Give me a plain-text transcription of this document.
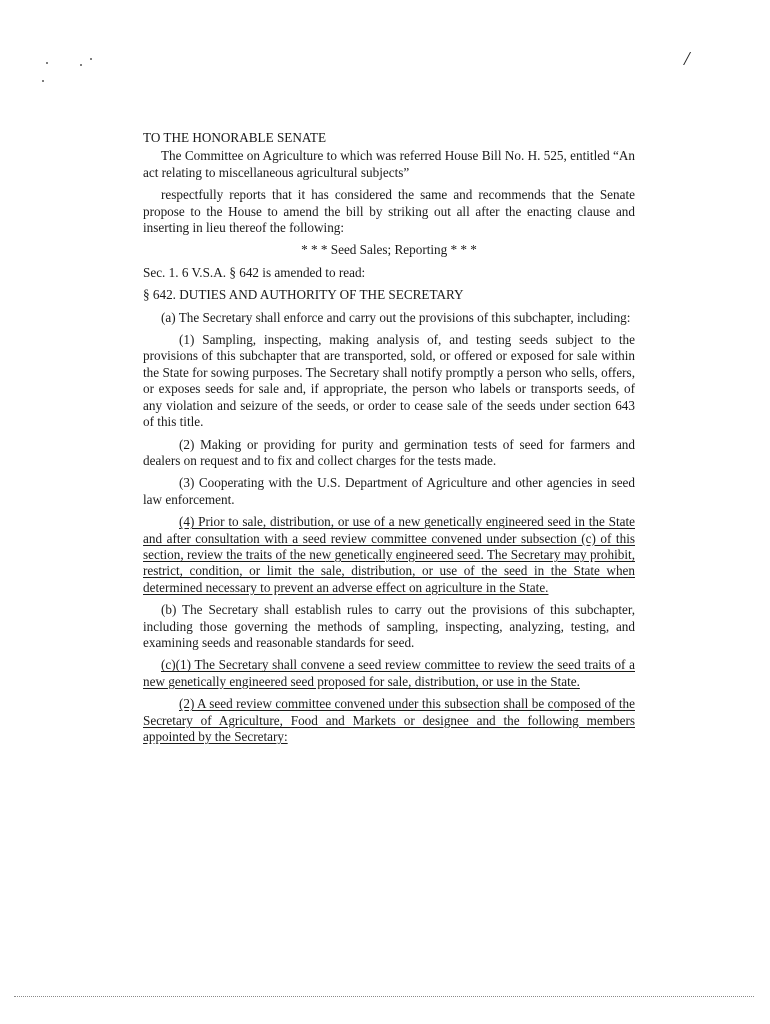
/

TO THE HONORABLE SENATE

The Committee on Agriculture to which was referred House Bill No. H. 525, entitled “An act relating to miscellaneous agricultural subjects”

respectfully reports that it has considered the same and recommends that the Senate propose to the House to amend the bill by striking out all after the enacting clause and inserting in lieu thereof the following:

* * * Seed Sales; Reporting * * *

Sec. 1. 6 V.S.A. § 642 is amended to read:

§ 642. DUTIES AND AUTHORITY OF THE SECRETARY

(a) The Secretary shall enforce and carry out the provisions of this subchapter, including:

(1) Sampling, inspecting, making analysis of, and testing seeds subject to the provisions of this subchapter that are transported, sold, or offered or exposed for sale within the State for sowing purposes. The Secretary shall notify promptly a person who sells, offers, or exposes seeds for sale and, if appropriate, the person who labels or transports seeds, of any violation and seizure of the seeds, or order to cease sale of the seeds under section 643 of this title.

(2) Making or providing for purity and germination tests of seed for farmers and dealers on request and to fix and collect charges for the tests made.

(3) Cooperating with the U.S. Department of Agriculture and other agencies in seed law enforcement.

(4) Prior to sale, distribution, or use of a new genetically engineered seed in the State and after consultation with a seed review committee convened under subsection (c) of this section, review the traits of the new genetically engineered seed. The Secretary may prohibit, restrict, condition, or limit the sale, distribution, or use of the seed in the State when determined necessary to prevent an adverse effect on agriculture in the State.

(b) The Secretary shall establish rules to carry out the provisions of this subchapter, including those governing the methods of sampling, inspecting, analyzing, testing, and examining seeds and reasonable standards for seed.

(c)(1) The Secretary shall convene a seed review committee to review the seed traits of a new genetically engineered seed proposed for sale, distribution, or use in the State.

(2) A seed review committee convened under this subsection shall be composed of the Secretary of Agriculture, Food and Markets or designee and the following members appointed by the Secretary:
